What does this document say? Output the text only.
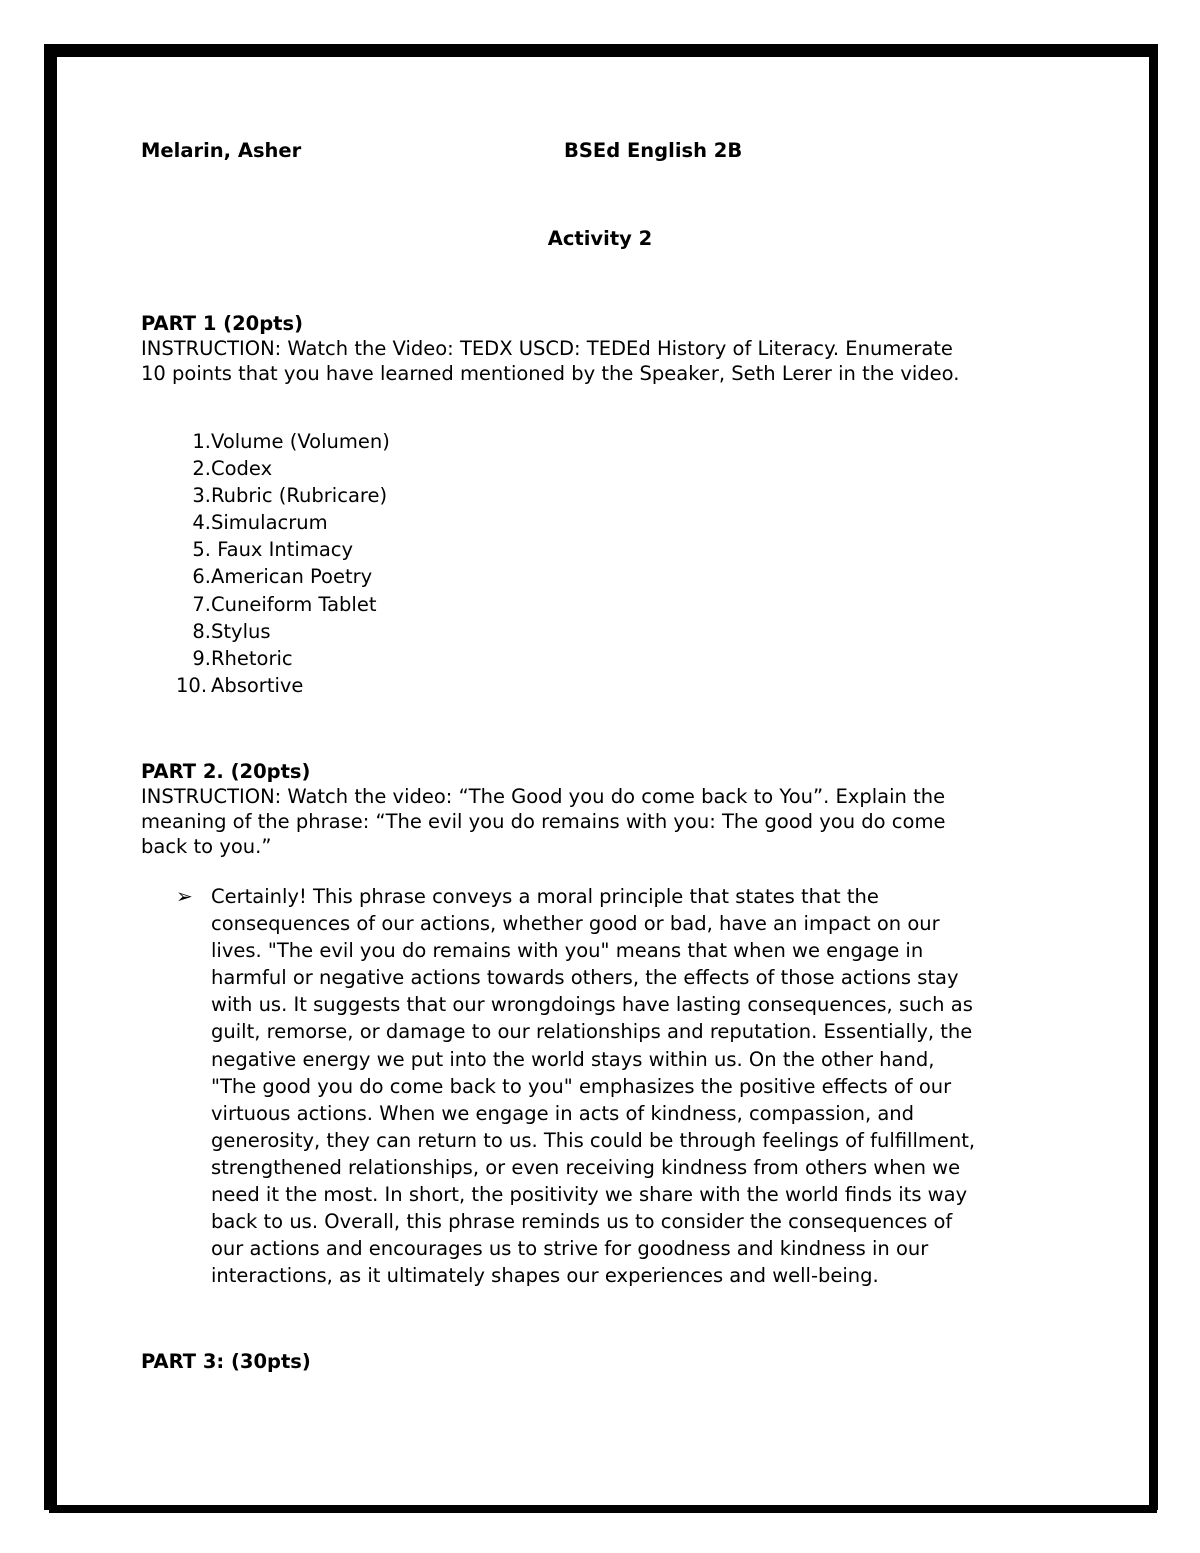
Melarin, Asher	BSEd English 2B
Activity 2
PART 1 (20pts)
INSTRUCTION: Watch the Video: TEDX USCD: TEDEd History of Literacy. Enumerate
10 points that you have learned mentioned by the Speaker, Seth Lerer in the video.
1.Volume (Volumen)
2.Codex
3.Rubric (Rubricare)
4.Simulacrum
5. Faux Intimacy
6.American Poetry
7.Cuneiform Tablet
8.Stylus
9.Rhetoric
10. Absortive
PART 2. (20pts)
INSTRUCTION: Watch the video: “The Good you do come back to You”. Explain the
meaning of the phrase: “The evil you do remains with you: The good you do come
back to you.”
➢ Certainly! This phrase conveys a moral principle that states that the
consequences of our actions, whether good or bad, have an impact on our
lives. "The evil you do remains with you" means that when we engage in
harmful or negative actions towards others, the effects of those actions stay
with us. It suggests that our wrongdoings have lasting consequences, such as
guilt, remorse, or damage to our relationships and reputation. Essentially, the
negative energy we put into the world stays within us. On the other hand,
"The good you do come back to you" emphasizes the positive effects of our
virtuous actions. When we engage in acts of kindness, compassion, and
generosity, they can return to us. This could be through feelings of fulfillment,
strengthened relationships, or even receiving kindness from others when we
need it the most. In short, the positivity we share with the world finds its way
back to us. Overall, this phrase reminds us to consider the consequences of
our actions and encourages us to strive for goodness and kindness in our
interactions, as it ultimately shapes our experiences and well-being.
PART 3: (30pts)
